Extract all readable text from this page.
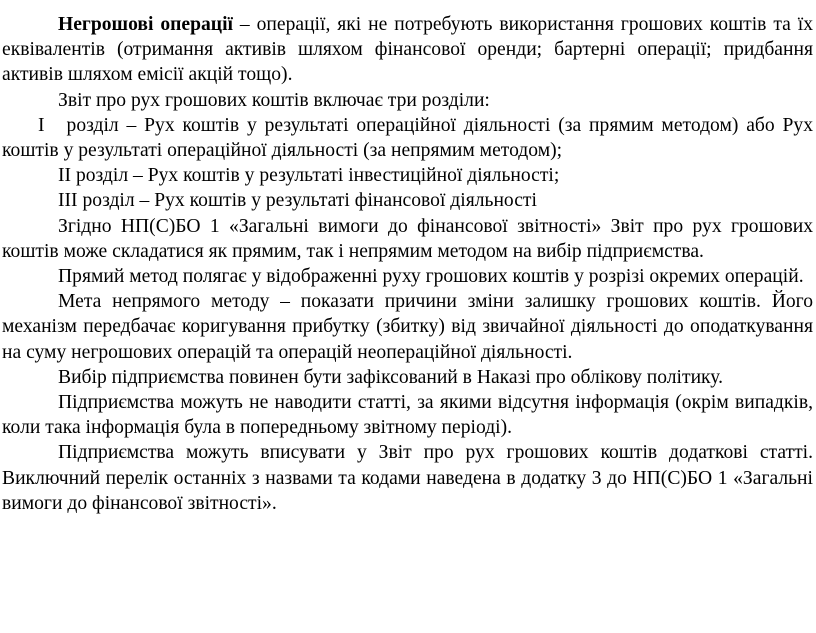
Негрошові операції – операції, які не потребують використання грошових коштів та їх еквівалентів (отримання активів шляхом фінансової оренди; бартерні операції; придбання активів шляхом емісії акцій тощо).

Звіт про рух грошових коштів включає три розділи:

I розділ – Рух коштів у результаті операційної діяльності (за прямим методом) або Рух коштів у результаті операційної діяльності (за непрямим методом);

II розділ – Рух коштів у результаті інвестиційної діяльності;

III розділ – Рух коштів у результаті фінансової діяльності

Згідно НП(С)БО 1 «Загальні вимоги до фінансової звітності» Звіт про рух грошових коштів може складатися як прямим, так і непрямим методом на вибір підприємства.

Прямий метод полягає у відображенні руху грошових коштів у розрізі окремих операцій.

Мета непрямого методу – показати причини зміни залишку грошових коштів. Його механізм передбачає коригування прибутку (збитку) від звичайної діяльності до оподаткування на суму негрошових операцій та операцій неопераційної діяльності.

Вибір підприємства повинен бути зафіксований в Наказі про облікову політику.

Підприємства можуть не наводити статті, за якими відсутня інформація (окрім випадків, коли така інформація була в попередньому звітному періоді).

Підприємства можуть вписувати у Звіт про рух грошових коштів додаткові статті. Виключний перелік останніх з назвами та кодами наведена в додатку 3 до НП(С)БО 1 «Загальні вимоги до фінансової звітності».
